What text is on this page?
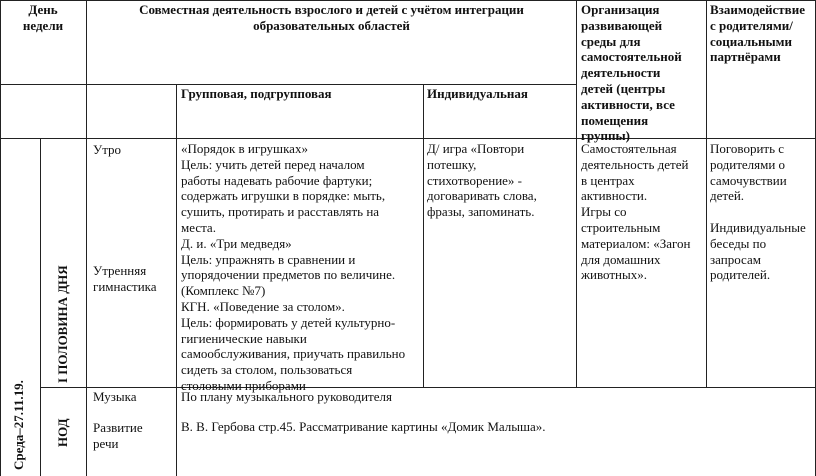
День
недели
Совместная деятельность взрослого и детей с учётом интеграции
образовательных областей
Организация
развивающей
среды для
самостоятельной
деятельности
детей (центры
активности, все
помещения
группы)
Взаимодействие
с родителями/
социальными
партнёрами
Групповая, подгрупповая	Индивидуальная
Среда–27.11.19.
I ПОЛОВИНА ДНЯ
НОД
Утро
Утренняя
гимнастика
«Порядок в игрушках»
Цель: учить детей перед началом
работы надевать рабочие фартуки;
содержать игрушки в порядке: мыть,
сушить, протирать и расставлять на
места.
Д. и. «Три медведя»
Цель: упражнять в сравнении и
упорядочении предметов по величине.
(Комплекс №7)
КГН. «Поведение за столом».
Цель: формировать у детей культурно-
гигиенические навыки
самообслуживания, приучать правильно
сидеть за столом, пользоваться
столовыми приборами
Д/ игра «Повтори
потешку,
стихотворение» -
договаривать слова,
фразы, запоминать.
Самостоятельная
деятельность детей
в центрах
активности.
Игры со
строительным
материалом: «Загон
для домашних
животных».
Поговорить с
родителями о
самочувствии
детей.

Индивидуальные
беседы по
запросам
родителей.
Музыка	По плану музыкального руководителя
Развитие
речи
В. В. Гербова стр.45. Рассматривание картины «Домик Малыша».
